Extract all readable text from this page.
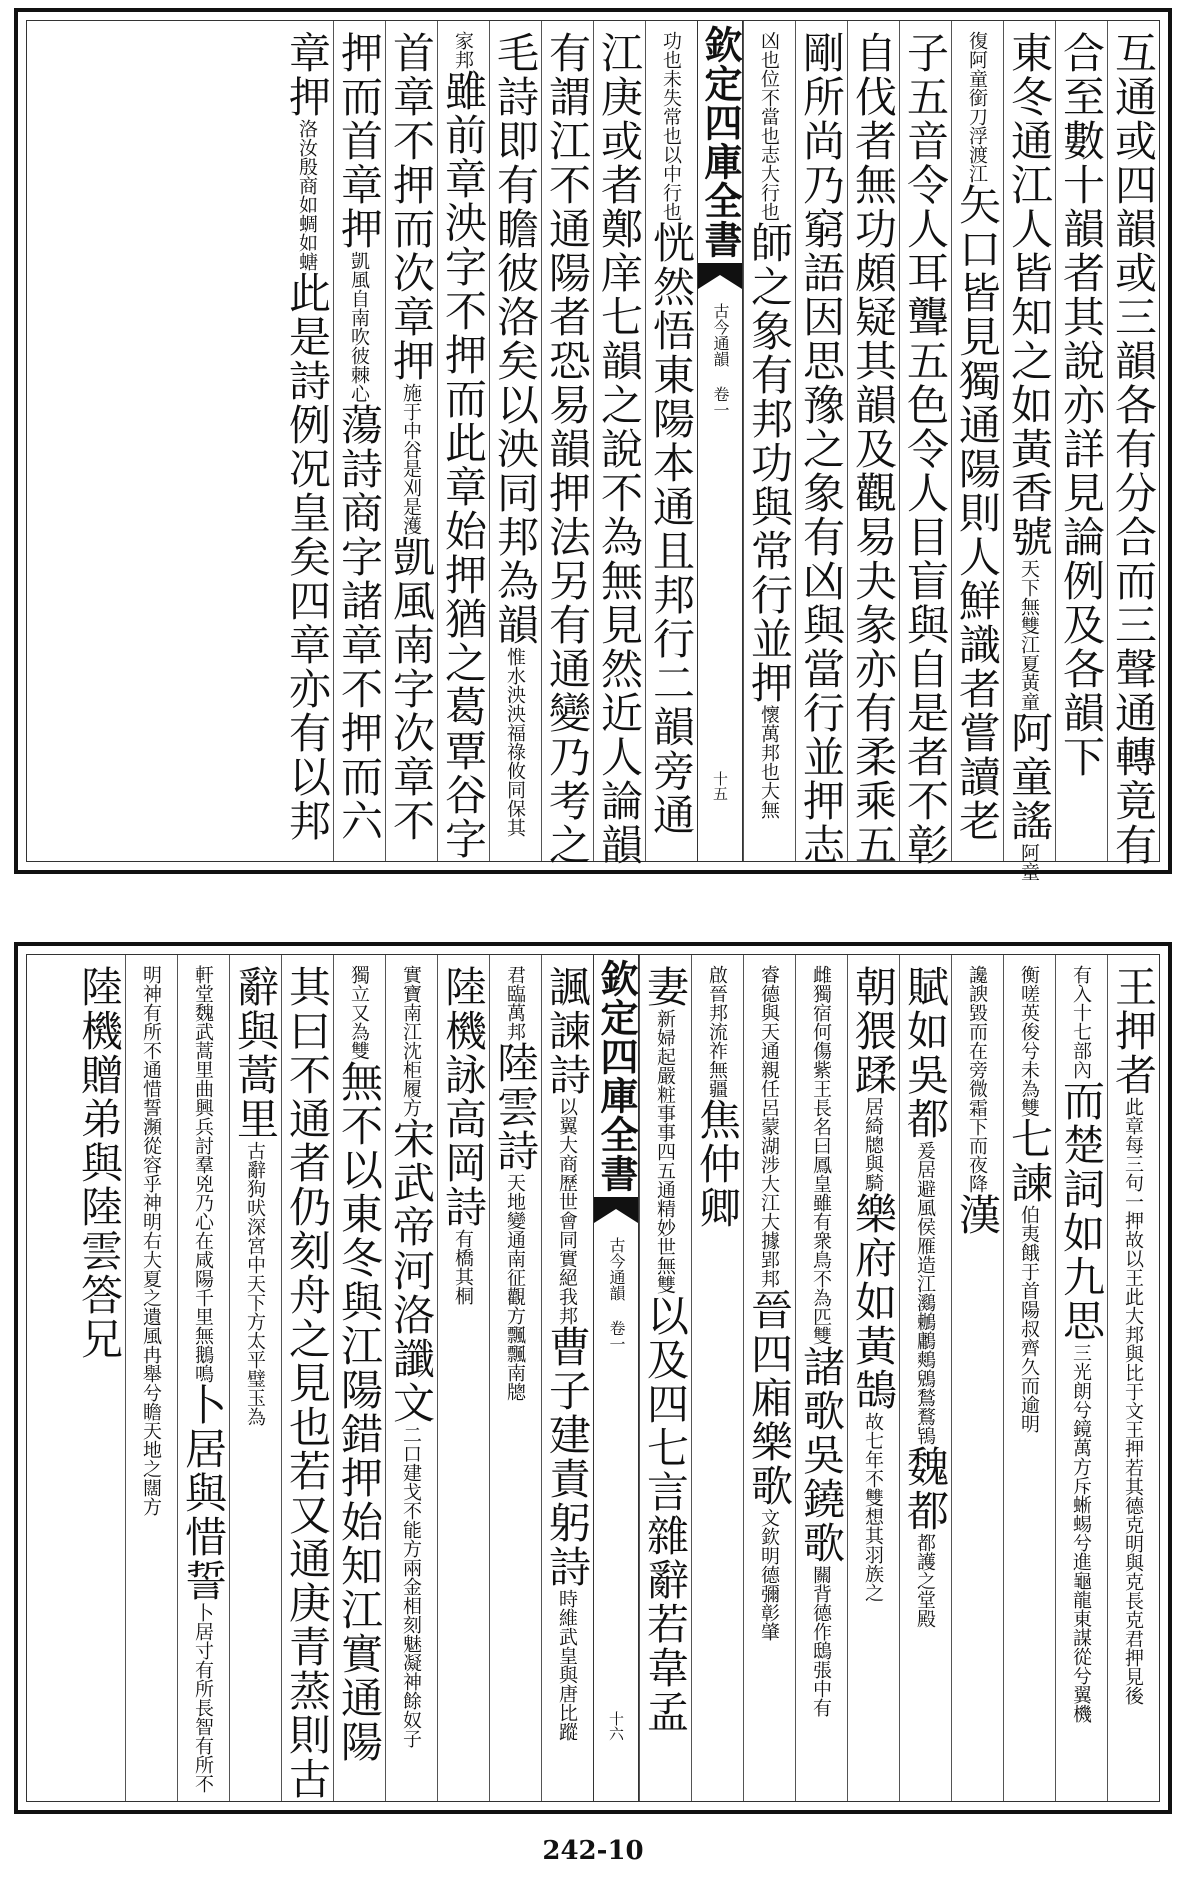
互通或四韻或三韻各有分合而三聲通轉竟有
合至數十韻者其說亦詳見論例及各韻下
東冬通江人皆知之如黃香號天下無雙江夏黃童阿童謠阿童
復阿童銜刀浮渡江矢口皆見獨通陽則人鮮識者嘗讀老
子五音令人耳聾五色令人目盲與自是者不彰
自伐者無功頗疑其韻及觀易夬彖亦有柔乘五
剛所尚乃窮語因思豫之象有凶與當行並押志
凶也位不當也志大行也師之象有邦功與常行並押懷萬邦也大無
欽定四庫全書
古今通韻 卷一
十五
功也未失常也以中行也恍然悟東陽本通且邦行二韻旁通
江庚或者鄭庠七韻之說不為無見然近人論韻
有謂江不通陽者恐易韻押法另有通變乃考之
毛詩即有瞻彼洛矣以泱同邦為韻惟水泱泱福祿攸同保其
家邦雖前章泱字不押而此章始押猶之葛覃谷字
首章不押而次章押施于中谷是刈是濩凱風南字次章不
押而首章押凱風自南吹彼棘心蕩詩商字諸章不押而六
章押洛汝殷商如蜩如螗此是詩例况皇矣四章亦有以邦
王押者此章每三句一押故以王此大邦與比于文王押若其德克明與克長克君押見後
有入十七部內而楚詞如九思三光朗兮鏡萬方斥蜥蜴兮進龜龍東謀從兮翼機
衡嗟英俊兮未為雙七諫伯夷餓于首陽叔齊久而逾明
讒諛毀而在旁微霜下而夜降漢
賦如吳都爰居避風侯雁造江鸂鶒鷛鷞鶂鶖鶩鴇魏都都護之堂殿
朝猥蹂居綺牕與騎樂府如黃鵠故七年不雙想其羽族之
雌獨宿何傷紫王長名曰鳳皇雖有衆鳥不為匹雙諸歌吳鐃歌關背德作鴟張中有
睿德與天通親任呂蒙湖涉大江大據郢邦晉四廂樂歌文欽明德彌彰肇
啟晉邦流祚無疆焦仲卿
妻新婦起嚴粧事事四五通精妙世無雙以及四七言雜辭若韋孟
欽定四庫全書
古今通韻 卷一
十六
諷諫詩以翼大商歷世會同實絕我邦曹子建責躬詩時維武皇與唐比蹤
君臨萬邦陸雲詩天地變通南征觀方飄飄南牕
陸機詠高岡詩有橋其桐
實寶南江沈柜履方宋武帝河洛讖文二口建戈不能方兩金相刻魅凝神餘奴子
獨立又為雙無不以東冬與江陽錯押始知江實通陽
其曰不通者仍刻舟之見也若又通庚青蒸則古
辭與蒿里古辭狗吠深宮中天下方太平璧玉為
軒堂魏武蒿里曲興兵討羣兇乃心在咸陽千里無鵝鳴卜居與惜誓卜居寸有所長智有所不
明神有所不通惜誓瀕從容乎神明右大夏之遺風冉舉兮瞻天地之闊方
陸機贈弟與陸雲答兄
242-10
